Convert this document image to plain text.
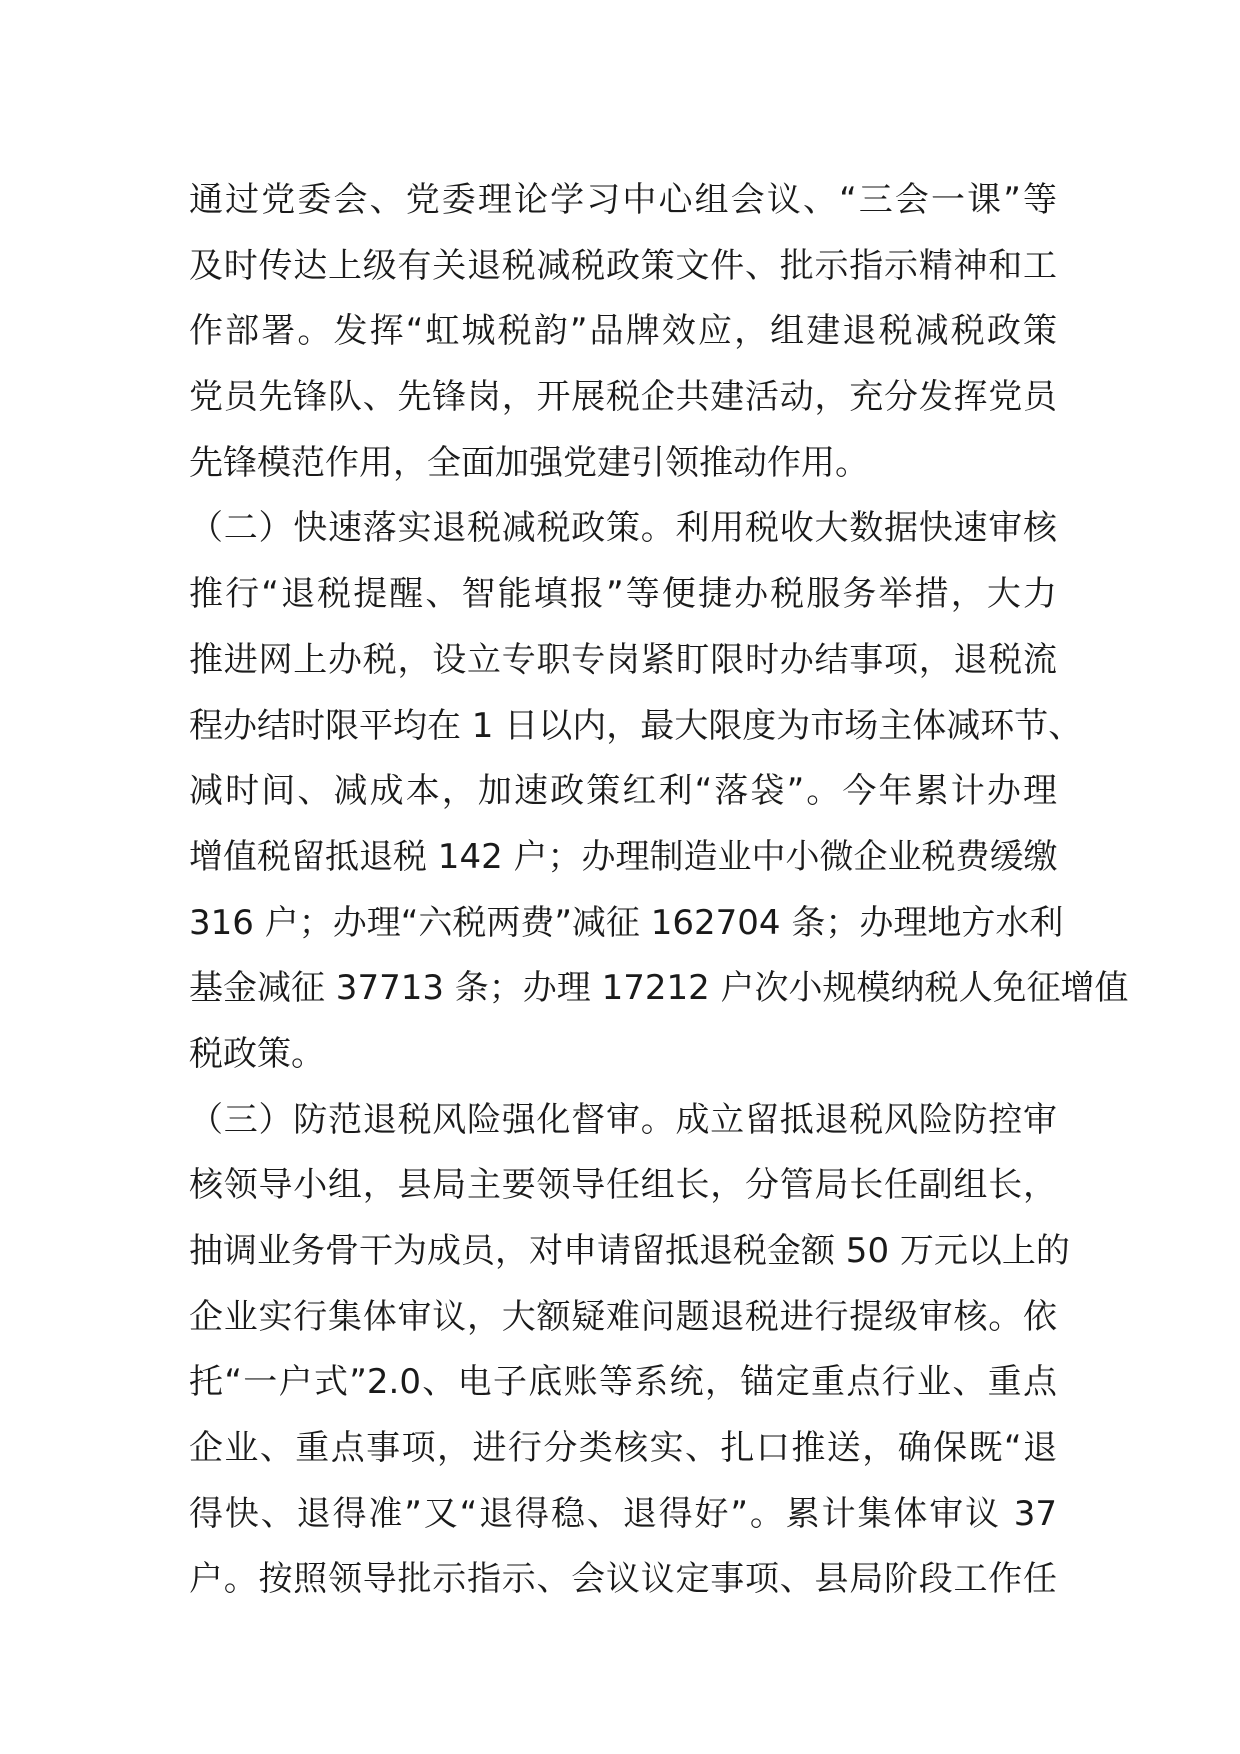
通过党委会、党委理论学习中心组会议、“三会一课”等
及时传达上级有关退税减税政策文件、批示指示精神和工
作部署。发挥“虹城税韵”品牌效应，组建退税减税政策
党员先锋队、先锋岗，开展税企共建活动，充分发挥党员
先锋模范作用，全面加强党建引领推动作用。
（二）快速落实退税减税政策。利用税收大数据快速审核
推行“退税提醒、智能填报”等便捷办税服务举措，大力
推进网上办税，设立专职专岗紧盯限时办结事项，退税流
程办结时限平均在 1 日以内，最大限度为市场主体减环节、
减时间、减成本，加速政策红利“落袋”。今年累计办理
增值税留抵退税 142 户；办理制造业中小微企业税费缓缴
316 户；办理“六税两费”减征 162704 条；办理地方水利
基金减征 37713 条；办理 17212 户次小规模纳税人免征增值
税政策。
（三）防范退税风险强化督审。成立留抵退税风险防控审
核领导小组，县局主要领导任组长，分管局长任副组长，
抽调业务骨干为成员，对申请留抵退税金额 50 万元以上的
企业实行集体审议，大额疑难问题退税进行提级审核。依
托“一户式”2.0、电子底账等系统，锚定重点行业、重点
企业、重点事项，进行分类核实、扎口推送，确保既“退
得快、退得准”又“退得稳、退得好”。累计集体审议 37
户。按照领导批示指示、会议议定事项、县局阶段工作任
